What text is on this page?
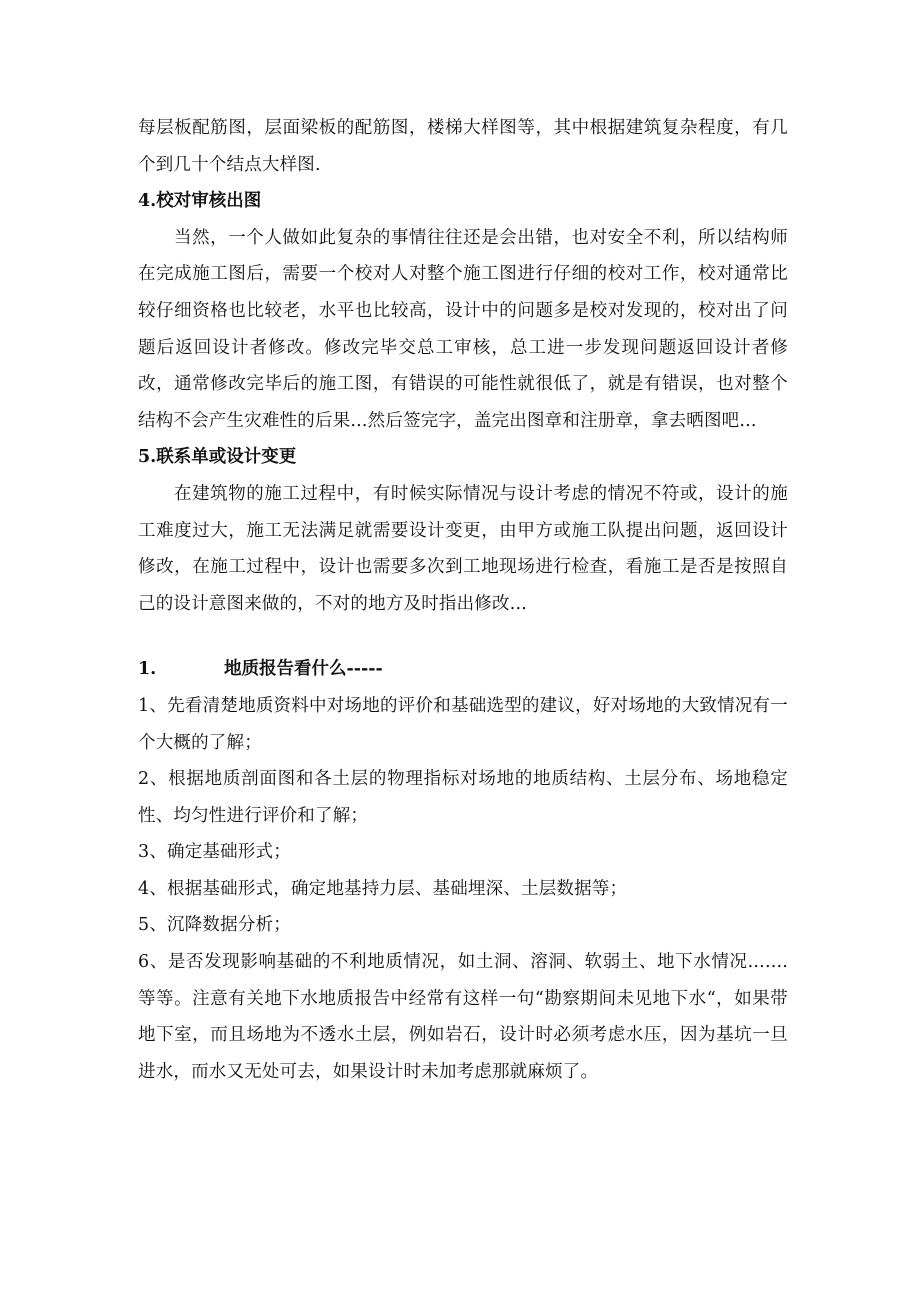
每层板配筋图，层面梁板的配筋图，楼梯大样图等，其中根据建筑复杂程度，有几个到几十个结点大样图.

4.校对审核出图

当然，一个人做如此复杂的事情往往还是会出错，也对安全不利，所以结构师在完成施工图后，需要一个校对人对整个施工图进行仔细的校对工作，校对通常比较仔细资格也比较老，水平也比较高，设计中的问题多是校对发现的，校对出了问题后返回设计者修改。修改完毕交总工审核，总工进一步发现问题返回设计者修改，通常修改完毕后的施工图，有错误的可能性就很低了，就是有错误，也对整个结构不会产生灾难性的后果...然后签完字，盖完出图章和注册章，拿去晒图吧...

5.联系单或设计变更

在建筑物的施工过程中，有时候实际情况与设计考虑的情况不符或，设计的施工难度过大，施工无法满足就需要设计变更，由甲方或施工队提出问题，返回设计修改，在施工过程中，设计也需要多次到工地现场进行检查，看施工是否是按照自己的设计意图来做的，不对的地方及时指出修改...

1.	地质报告看什么-----

1、先看清楚地质资料中对场地的评价和基础选型的建议，好对场地的大致情况有一个大概的了解；

2、根据地质剖面图和各土层的物理指标对场地的地质结构、土层分布、场地稳定性、均匀性进行评价和了解；

3、确定基础形式；

4、根据基础形式，确定地基持力层、基础埋深、土层数据等；

5、沉降数据分析；

6、是否发现影响基础的不利地质情况，如土洞、溶洞、软弱土、地下水情况.......等等。注意有关地下水地质报告中经常有这样一句“勘察期间未见地下水“，如果带地下室，而且场地为不透水土层，例如岩石，设计时必须考虑水压，因为基坑一旦进水，而水又无处可去，如果设计时未加考虑那就麻烦了。
